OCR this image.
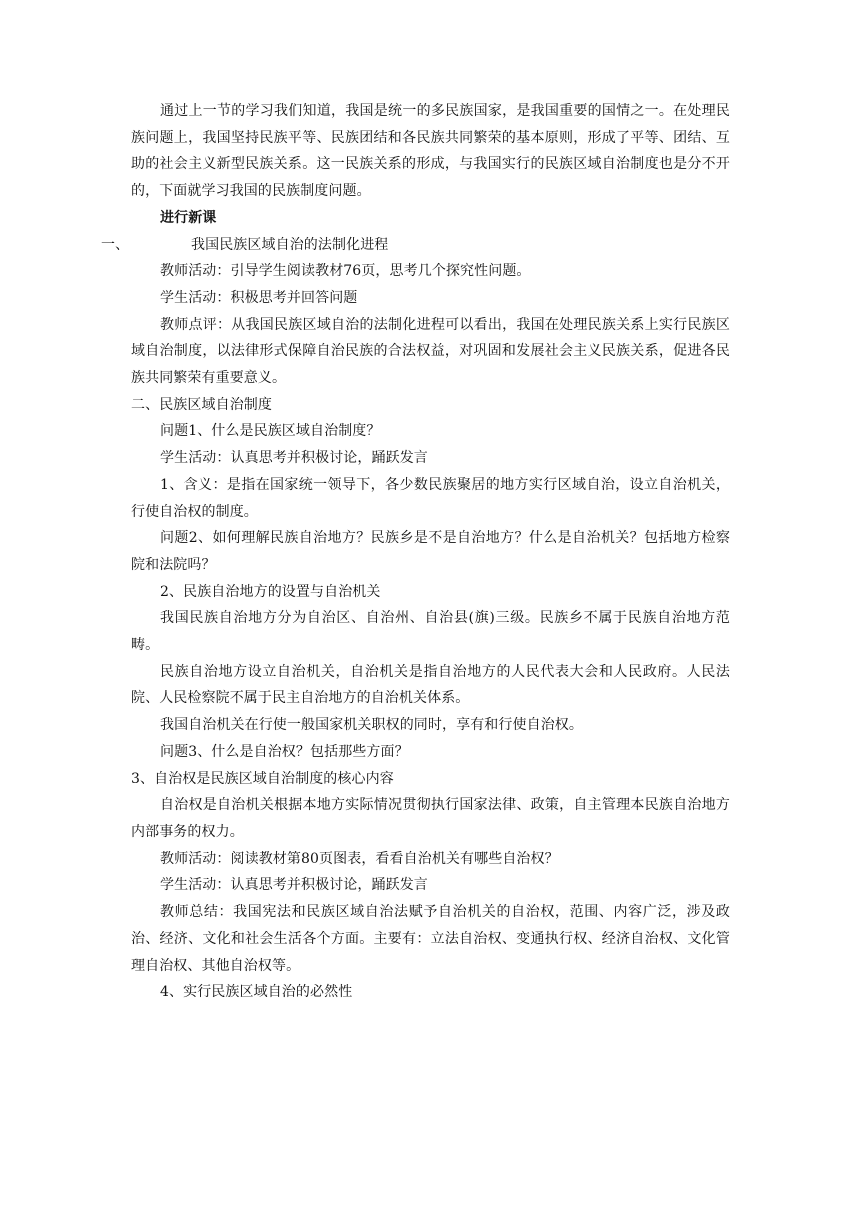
通过上一节的学习我们知道，我国是统一的多民族国家，是我国重要的国情之一。在处理民族问题上，我国坚持民族平等、民族团结和各民族共同繁荣的基本原则，形成了平等、团结、互助的社会主义新型民族关系。这一民族关系的形成，与我国实行的民族区域自治制度也是分不开的，下面就学习我国的民族制度问题。

进行新课

一、	我国民族区域自治的法制化进程

教师活动：引导学生阅读教材76页，思考几个探究性问题。

学生活动：积极思考并回答问题

教师点评：从我国民族区域自治的法制化进程可以看出，我国在处理民族关系上实行民族区域自治制度，以法律形式保障自治民族的合法权益，对巩固和发展社会主义民族关系，促进各民族共同繁荣有重要意义。

二、民族区域自治制度

问题1、什么是民族区域自治制度？

学生活动：认真思考并积极讨论，踊跃发言

1、含义：是指在国家统一领导下，各少数民族聚居的地方实行区域自治，设立自治机关，行使自治权的制度。

问题2、如何理解民族自治地方？民族乡是不是自治地方？什么是自治机关？包括地方检察院和法院吗？

2、民族自治地方的设置与自治机关

我国民族自治地方分为自治区、自治州、自治县(旗)三级。民族乡不属于民族自治地方范畴。

民族自治地方设立自治机关，自治机关是指自治地方的人民代表大会和人民政府。人民法院、人民检察院不属于民主自治地方的自治机关体系。

我国自治机关在行使一般国家机关职权的同时，享有和行使自治权。

问题3、什么是自治权？包括那些方面？

3、自治权是民族区域自治制度的核心内容

自治权是自治机关根据本地方实际情况贯彻执行国家法律、政策，自主管理本民族自治地方内部事务的权力。

教师活动：阅读教材第80页图表，看看自治机关有哪些自治权？

学生活动：认真思考并积极讨论，踊跃发言

教师总结：我国宪法和民族区域自治法赋予自治机关的自治权，范围、内容广泛，涉及政治、经济、文化和社会生活各个方面。主要有：立法自治权、变通执行权、经济自治权、文化管理自治权、其他自治权等。

4、实行民族区域自治的必然性
